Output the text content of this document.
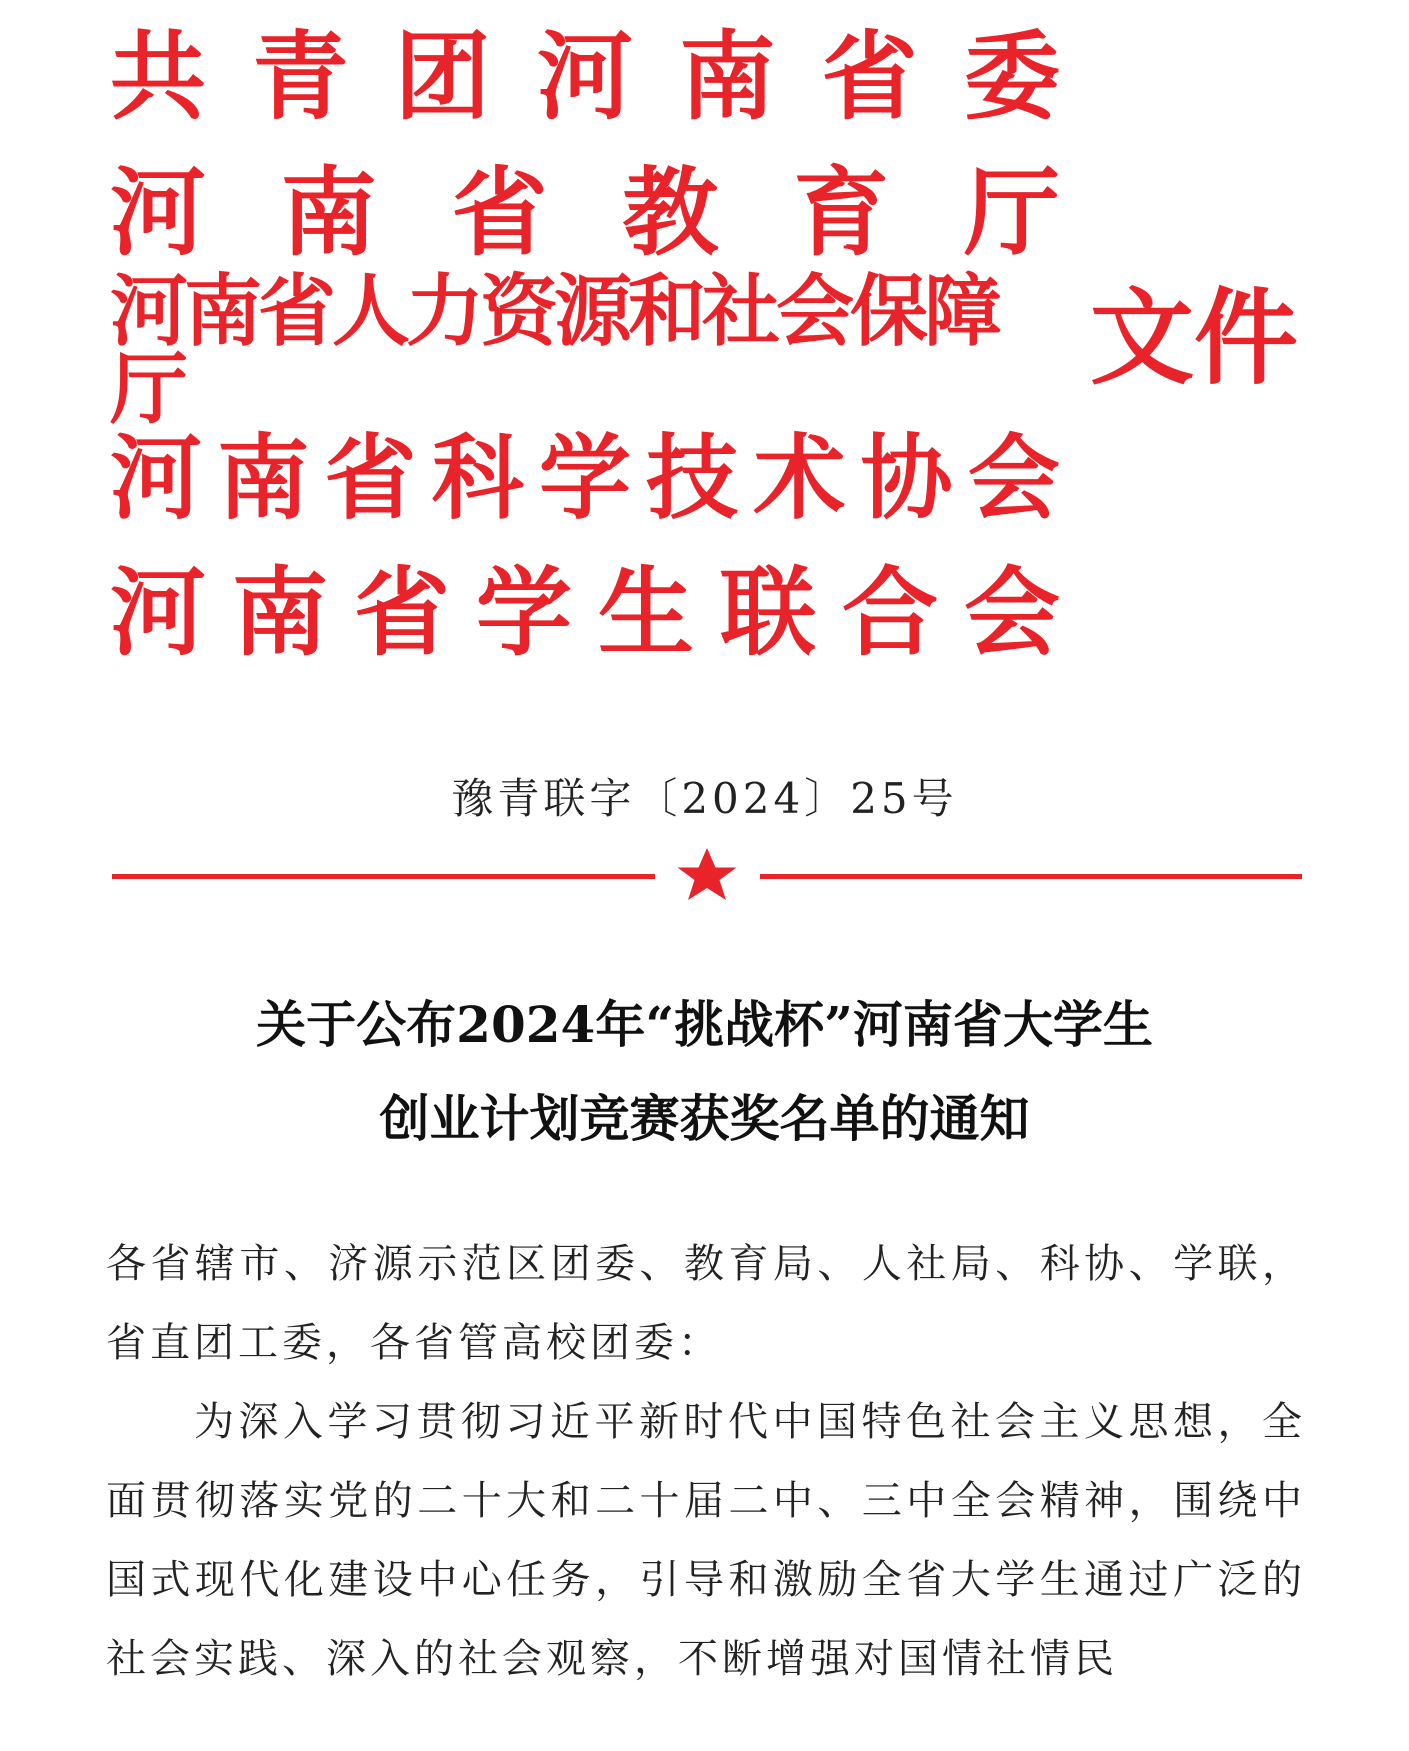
共 青 团 河 南 省 委
河 南 省 教 育 厅
河南省人力资源和社会保障厅
河 南 省 科 学 技 术 协 会
河 南 省 学 生 联 合 会
文件
豫青联字〔2024〕25号
关于公布2024年“挑战杯”河南省大学生
创业计划竞赛获奖名单的通知

各省辖市、济源示范区团委、教育局、人社局、科协、学联，省直团工委，各省管高校团委：

为深入学习贯彻习近平新时代中国特色社会主义思想，全面贯彻落实党的二十大和二十届二中、三中全会精神，围绕中国式现代化建设中心任务，引导和激励全省大学生通过广泛的社会实践、深入的社会观察，不断增强对国情社情民
